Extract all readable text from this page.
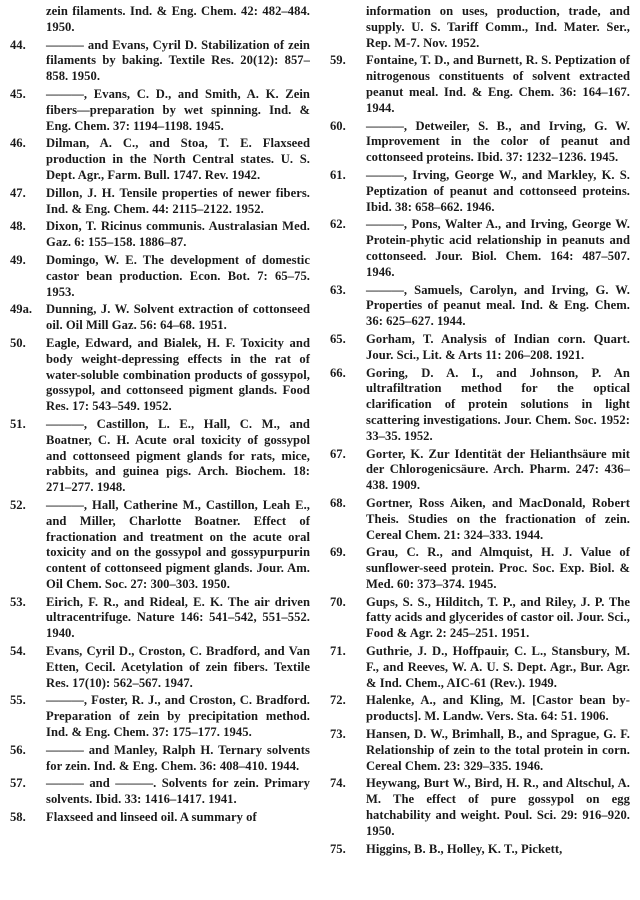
zein filaments. Ind. & Eng. Chem. 42: 482–484. 1950.
44.	——— and Evans, Cyril D. Stabilization of zein filaments by baking. Textile Res. 20(12): 857–858. 1950.
45.	———, Evans, C. D., and Smith, A. K. Zein fibers—preparation by wet spinning. Ind. & Eng. Chem. 37: 1194–1198. 1945.
46.	Dilman, A. C., and Stoa, T. E. Flaxseed production in the North Central states. U. S. Dept. Agr., Farm. Bull. 1747. Rev. 1942.
47.	Dillon, J. H. Tensile properties of newer fibers. Ind. & Eng. Chem. 44: 2115–2122. 1952.
48.	Dixon, T. Ricinus communis. Australasian Med. Gaz. 6: 155–158. 1886–87.
49.	Domingo, W. E. The development of domestic castor bean production. Econ. Bot. 7: 65–75. 1953.
49a.	Dunning, J. W. Solvent extraction of cottonseed oil. Oil Mill Gaz. 56: 64–68. 1951.
50.	Eagle, Edward, and Bialek, H. F. Toxicity and body weight-depressing effects in the rat of water-soluble combination products of gossypol, gossypol, and cottonseed pigment glands. Food Res. 17: 543–549. 1952.
51.	———, Castillon, L. E., Hall, C. M., and Boatner, C. H. Acute oral toxicity of gossypol and cottonseed pigment glands for rats, mice, rabbits, and guinea pigs. Arch. Biochem. 18: 271–277. 1948.
52.	———, Hall, Catherine M., Castillon, Leah E., and Miller, Charlotte Boatner. Effect of fractionation and treatment on the acute oral toxicity and on the gossypol and gossypurpurin content of cottonseed pigment glands. Jour. Am. Oil Chem. Soc. 27: 300–303. 1950.
53.	Eirich, F. R., and Rideal, E. K. The air driven ultracentrifuge. Nature 146: 541–542, 551–552. 1940.
54.	Evans, Cyril D., Croston, C. Bradford, and Van Etten, Cecil. Acetylation of zein fibers. Textile Res. 17(10): 562–567. 1947.
55.	———, Foster, R. J., and Croston, C. Bradford. Preparation of zein by precipitation method. Ind. & Eng. Chem. 37: 175–177. 1945.
56.	——— and Manley, Ralph H. Ternary solvents for zein. Ind. & Eng. Chem. 36: 408–410. 1944.
57.	——— and ———. Solvents for zein. Primary solvents. Ibid. 33: 1416–1417. 1941.
58.	Flaxseed and linseed oil. A summary of
information on uses, production, trade, and supply. U. S. Tariff Comm., Ind. Mater. Ser., Rep. M-7. Nov. 1952.
59.	Fontaine, T. D., and Burnett, R. S. Peptization of nitrogenous constituents of solvent extracted peanut meal. Ind. & Eng. Chem. 36: 164–167. 1944.
60.	———, Detweiler, S. B., and Irving, G. W. Improvement in the color of peanut and cottonseed proteins. Ibid. 37: 1232–1236. 1945.
61.	———, Irving, George W., and Markley, K. S. Peptization of peanut and cottonseed proteins. Ibid. 38: 658–662. 1946.
62.	———, Pons, Walter A., and Irving, George W. Protein-phytic acid relationship in peanuts and cottonseed. Jour. Biol. Chem. 164: 487–507. 1946.
63.	———, Samuels, Carolyn, and Irving, G. W. Properties of peanut meal. Ind. & Eng. Chem. 36: 625–627. 1944.
65.	Gorham, T. Analysis of Indian corn. Quart. Jour. Sci., Lit. & Arts 11: 206–208. 1921.
66.	Goring, D. A. I., and Johnson, P. An ultrafiltration method for the optical clarification of protein solutions in light scattering investigations. Jour. Chem. Soc. 1952: 33–35. 1952.
67.	Gorter, K. Zur Identität der Helianthsäure mit der Chlorogenicsäure. Arch. Pharm. 247: 436–438. 1909.
68.	Gortner, Ross Aiken, and MacDonald, Robert Theis. Studies on the fractionation of zein. Cereal Chem. 21: 324–333. 1944.
69.	Grau, C. R., and Almquist, H. J. Value of sunflower-seed protein. Proc. Soc. Exp. Biol. & Med. 60: 373–374. 1945.
70.	Gups, S. S., Hilditch, T. P., and Riley, J. P. The fatty acids and glycerides of castor oil. Jour. Sci., Food & Agr. 2: 245–251. 1951.
71.	Guthrie, J. D., Hoffpauir, C. L., Stansbury, M. F., and Reeves, W. A. U. S. Dept. Agr., Bur. Agr. & Ind. Chem., AIC-61 (Rev.). 1949.
72.	Halenke, A., and Kling, M. [Castor bean by-products]. M. Landw. Vers. Sta. 64: 51. 1906.
73.	Hansen, D. W., Brimhall, B., and Sprague, G. F. Relationship of zein to the total protein in corn. Cereal Chem. 23: 329–335. 1946.
74.	Heywang, Burt W., Bird, H. R., and Altschul, A. M. The effect of pure gossypol on egg hatchability and weight. Poul. Sci. 29: 916–920. 1950.
75.	Higgins, B. B., Holley, K. T., Pickett,
